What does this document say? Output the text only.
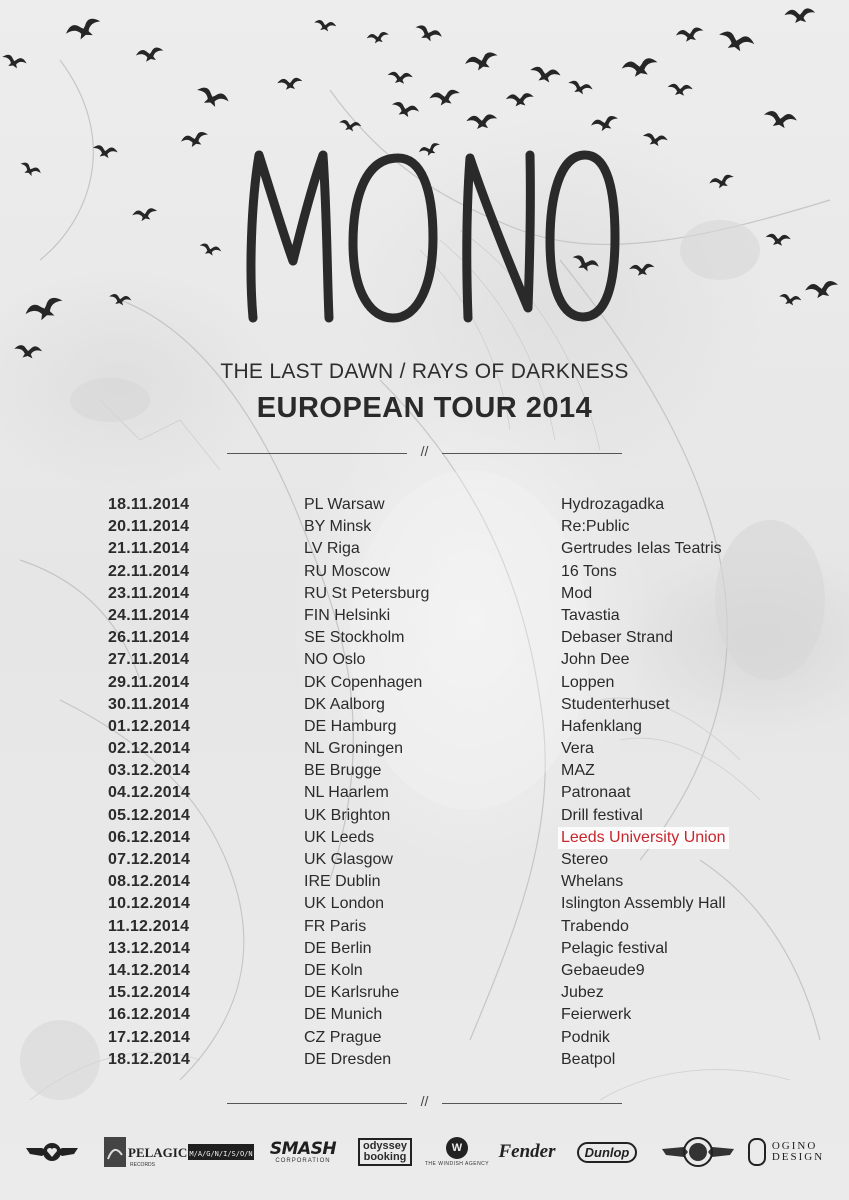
THE LAST DAWN / RAYS OF DARKNESS
EUROPEAN TOUR 2014
//
18.11.2014	PL Warsaw	Hydrozagadka
20.11.2014	BY Minsk	Re:Public
21.11.2014	LV Riga	Gertrudes Ielas Teatris
22.11.2014	RU Moscow	16 Tons
23.11.2014	RU St Petersburg	Mod
24.11.2014	FIN Helsinki	Tavastia
26.11.2014	SE Stockholm	Debaser Strand
27.11.2014	NO Oslo	John Dee
29.11.2014	DK Copenhagen	Loppen
30.11.2014	DK Aalborg	Studenterhuset
01.12.2014	DE Hamburg	Hafenklang
02.12.2014	NL Groningen	Vera
03.12.2014	BE Brugge	MAZ
04.12.2014	NL Haarlem	Patronaat
05.12.2014	UK Brighton	Drill festival
06.12.2014	UK Leeds	Leeds University Union
07.12.2014	UK Glasgow	Stereo
08.12.2014	IRE Dublin	Whelans
10.12.2014	UK London	Islington Assembly Hall
11.12.2014	FR Paris	Trabendo
13.12.2014	DE Berlin	Pelagic festival
14.12.2014	DE Koln	Gebaeude9
15.12.2014	DE Karlsruhe	Jubez
16.12.2014	DE Munich	Feierwerk
17.12.2014	CZ Prague	Podnik
18.12.2014	DE Dresden	Beatpol
//
PELAGIC
RECORDS
M/A/G/N/I/S/O/N SMASH
CORPORATION
odyssey
booking
W
THE WINDISH AGENCY
Fender	Dunlop	OGINO
DESIGN
